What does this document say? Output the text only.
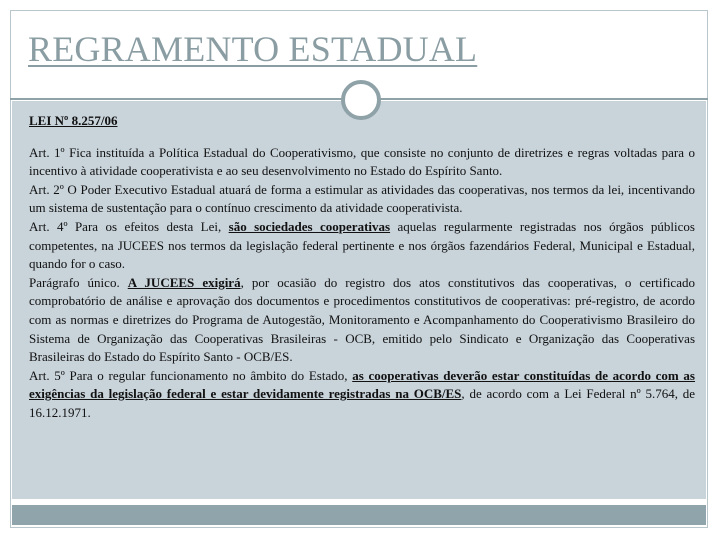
REGRAMENTO ESTADUAL

LEI Nº 8.257/06

Art. 1º Fica instituída a Política Estadual do Cooperativismo, que consiste no conjunto de diretrizes e regras voltadas para o incentivo à atividade cooperativista e ao seu desenvolvimento no Estado do Espírito Santo.

Art. 2º O Poder Executivo Estadual atuará de forma a estimular as atividades das cooperativas, nos termos da lei, incentivando um sistema de sustentação para o contínuo crescimento da atividade cooperativista.

Art. 4º Para os efeitos desta Lei, são sociedades cooperativas aquelas regularmente registradas nos órgãos públicos competentes, na JUCEES nos termos da legislação federal pertinente e nos órgãos fazendários Federal, Municipal e Estadual, quando for o caso.

Parágrafo único. A JUCEES exigirá, por ocasião do registro dos atos constitutivos das cooperativas, o certificado comprobatório de análise e aprovação dos documentos e procedimentos constitutivos de cooperativas: pré-registro, de acordo com as normas e diretrizes do Programa de Autogestão, Monitoramento e Acompanhamento do Cooperativismo Brasileiro do Sistema de Organização das Cooperativas Brasileiras - OCB, emitido pelo Sindicato e Organização das Cooperativas Brasileiras do Estado do Espírito Santo - OCB/ES.

Art. 5º Para o regular funcionamento no âmbito do Estado, as cooperativas deverão estar constituídas de acordo com as exigências da legislação federal e estar devidamente registradas na OCB/ES, de acordo com a Lei Federal nº 5.764, de 16.12.1971.
